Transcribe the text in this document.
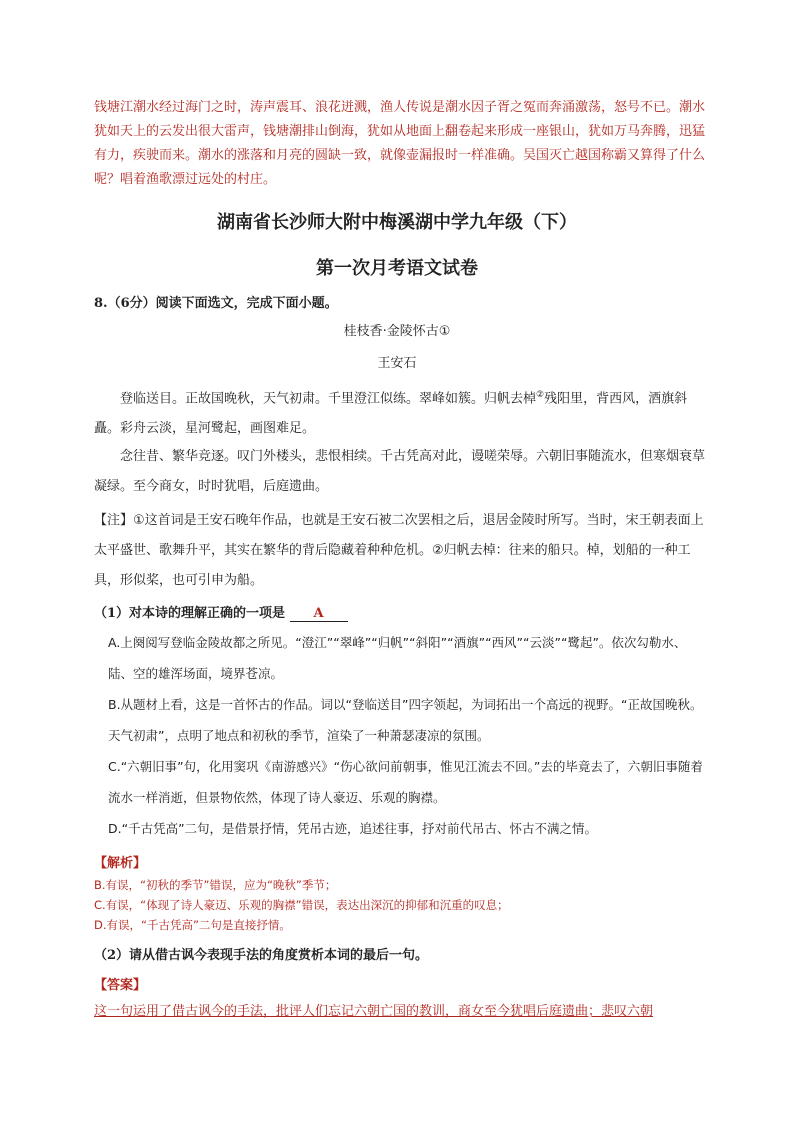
钱塘江潮水经过海门之时，涛声震耳、浪花迸溅，渔人传说是潮水因子胥之冤而奔涌激荡，怒号不已。潮水犹如天上的云发出很大雷声，钱塘潮排山倒海，犹如从地面上翻卷起来形成一座银山，犹如万马奔腾，迅猛有力，疾驶而来。潮水的涨落和月亮的圆缺一致，就像壶漏报时一样准确。吴国灭亡越国称霸又算得了什么呢？唱着渔歌漂过远处的村庄。
湖南省长沙师大附中梅溪湖中学九年级（下）
第一次月考语文试卷
8.（6分）阅读下面选文，完成下面小题。
桂枝香·金陵怀古①
王安石
登临送目。正故国晚秋，天气初肃。千里澄江似练。翠峰如簇。归帆去棹②残阳里，背西风，酒旗斜矗。彩舟云淡，星河鹭起，画图难足。
念往昔、繁华竞逐。叹门外楼头，悲恨相续。千古凭高对此，谩嗟荣辱。六朝旧事随流水，但寒烟衰草凝绿。至今商女，时时犹唱，后庭遗曲。
【注】①这首词是王安石晚年作品，也就是王安石被二次罢相之后，退居金陵时所写。当时，宋王朝表面上太平盛世、歌舞升平，其实在繁华的背后隐藏着种种危机。②归帆去棹：往来的船只。棹，划船的一种工具，形似桨，也可引申为船。
（1）对本诗的理解正确的一项是 A
A.上阕阅写登临金陵故都之所见。“澄江”“翠峰”“归帆”“斜阳”“酒旗”“西风”“云淡”“鹭起”。依次勾勒水、陆、空的雄浑场面，境界苍凉。
B.从题材上看，这是一首怀古的作品。词以“登临送目”四字领起，为词拓出一个高远的视野。“正故国晚秋。天气初肃”，点明了地点和初秋的季节，渲染了一种萧瑟凄凉的氛围。
C.“六朝旧事”句，化用窦巩《南游感兴》“伤心欲问前朝事，惟见江流去不回。”去的毕竟去了，六朝旧事随着流水一样消逝，但景物依然，体现了诗人豪迈、乐观的胸襟。
D.“千古凭高”二句，是借景抒情，凭吊古迹，追述往事，抒对前代吊古、怀古不满之情。
【解析】
B.有误，“初秋的季节”错误，应为“晚秋”季节；
C.有误，“体现了诗人豪迈、乐观的胸襟”错误，表达出深沉的抑郁和沉重的叹息；
D.有误，“千古凭高”二句是直接抒情。
（2）请从借古讽今表现手法的角度赏析本词的最后一句。
【答案】
这一句运用了借古讽今的手法，批评人们忘记六朝亡国的教训，商女至今犹唱后庭遗曲；悲叹六朝
